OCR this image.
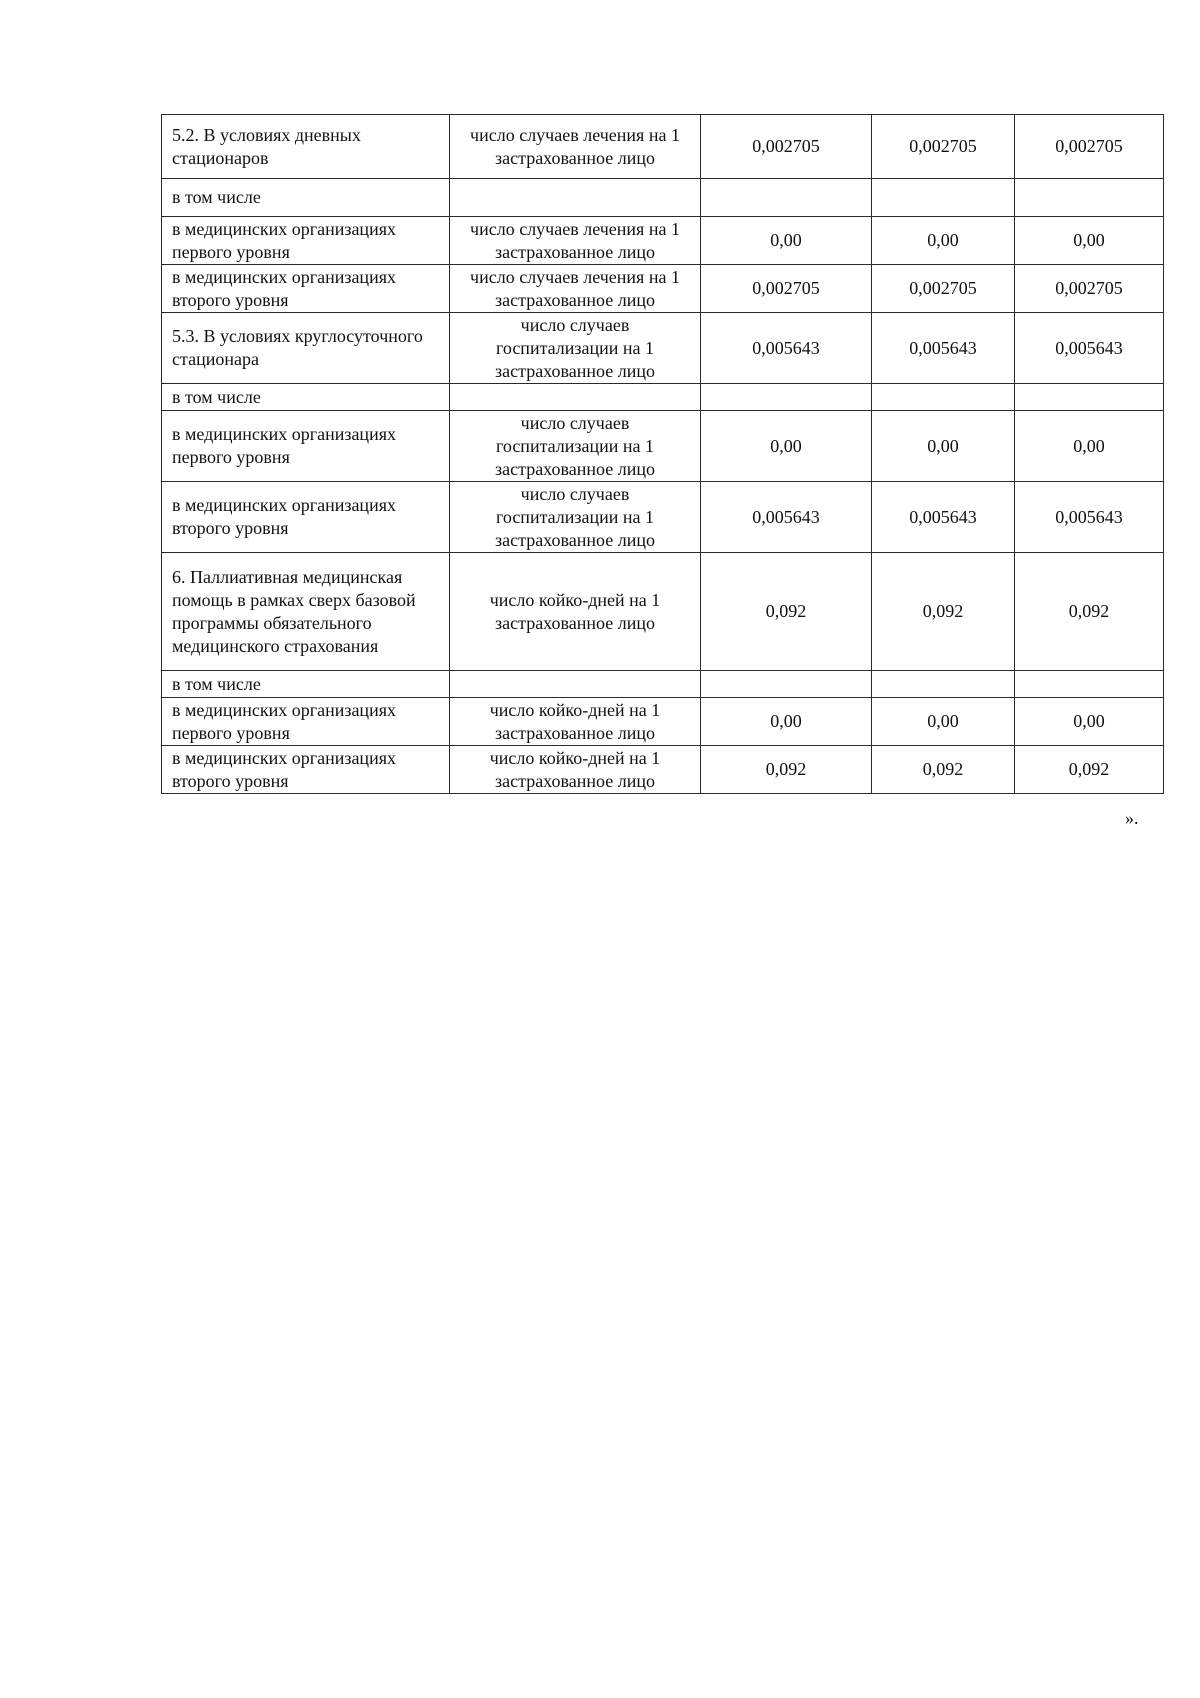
5.2. В условиях дневных стационаров	число случаев лечения на 1 застрахованное лицо	0,002705	0,002705	0,002705
в том числе				
в медицинских организациях первого уровня	число случаев лечения на 1 застрахованное лицо	0,00	0,00	0,00
в медицинских организациях второго уровня	число случаев лечения на 1 застрахованное лицо	0,002705	0,002705	0,002705
5.3. В условиях круглосуточного стационара	число случаев госпитализации на 1 застрахованное лицо	0,005643	0,005643	0,005643
в том числе				
в медицинских организациях первого уровня	число случаев госпитализации на 1 застрахованное лицо	0,00	0,00	0,00
в медицинских организациях второго уровня	число случаев госпитализации на 1 застрахованное лицо	0,005643	0,005643	0,005643
6. Паллиативная медицинская помощь в рамках сверх базовой программы обязательного медицинского страхования	число койко-дней на 1 застрахованное лицо	0,092	0,092	0,092
в том числе				
в медицинских организациях первого уровня	число койко-дней на 1 застрахованное лицо	0,00	0,00	0,00
в медицинских организациях второго уровня	число койко-дней на 1 застрахованное лицо	0,092	0,092	0,092
».
